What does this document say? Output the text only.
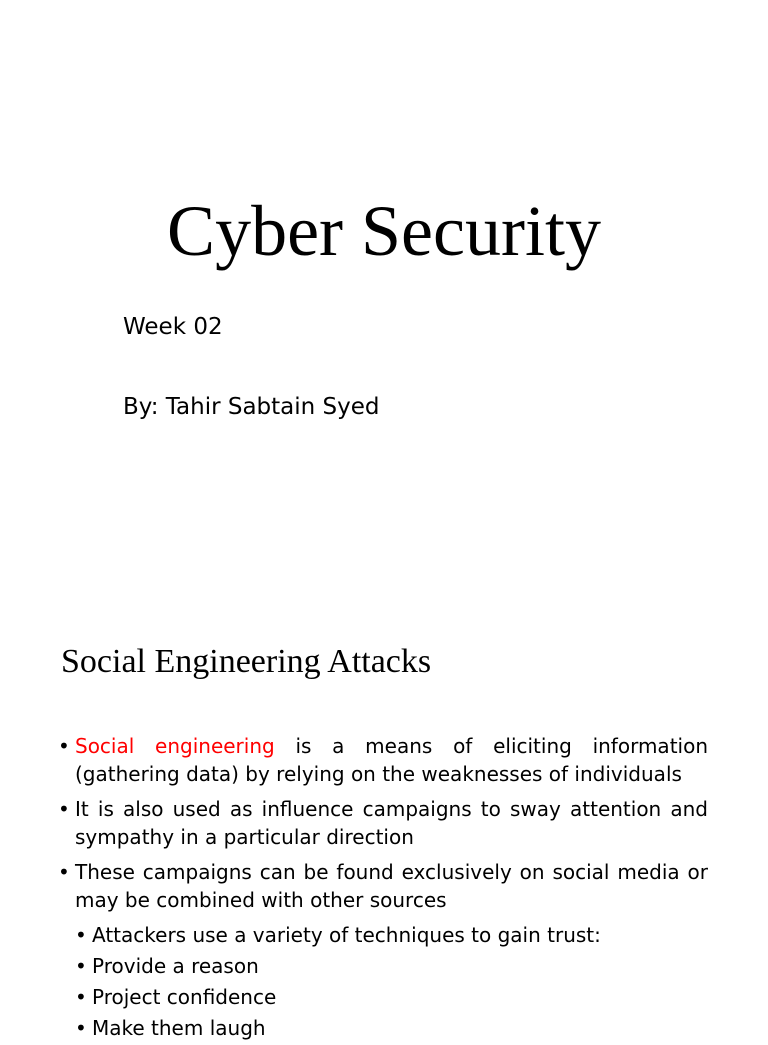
Cyber Security
Week 02
By: Tahir Sabtain Syed
Social Engineering Attacks
• Social engineering is a means of eliciting information (gathering data) by relying on the weaknesses of individuals
• It is also used as influence campaigns to sway attention and sympathy in a particular direction
• These campaigns can be found exclusively on social media or may be combined with other sources
• Attackers use a variety of techniques to gain trust:
• Provide a reason
• Project confidence
• Make them laugh
